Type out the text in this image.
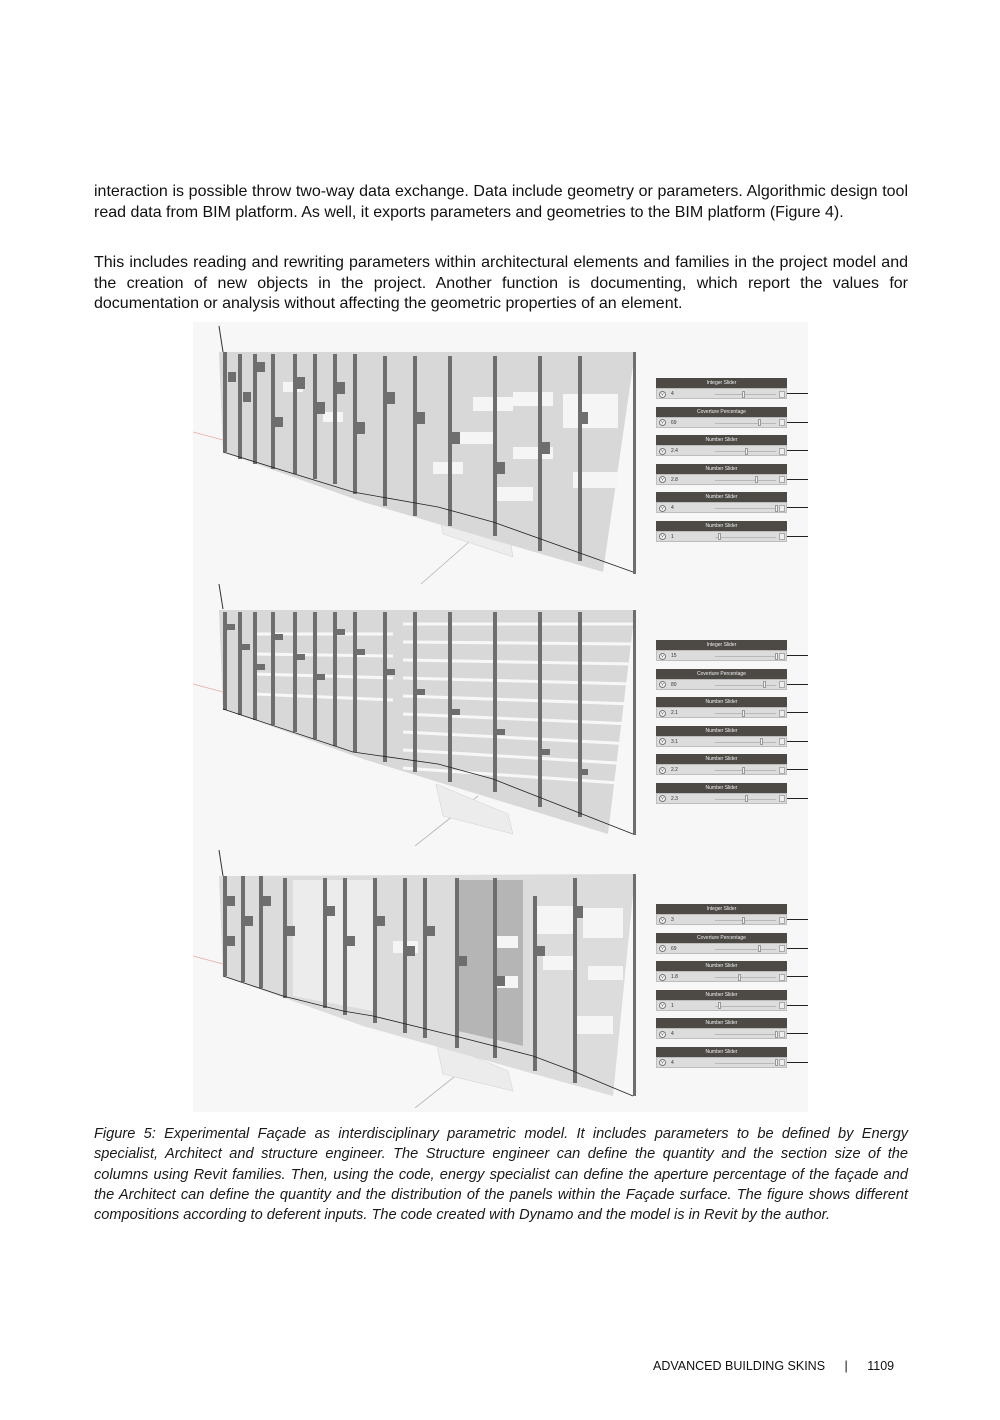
interaction is possible throw two-way data exchange. Data include geometry or parameters. Algorithmic design tool read data from BIM platform. As well, it exports parameters and geometries to the BIM platform (Figure 4).

This includes reading and rewriting parameters within architectural elements and families in the project model and the creation of new objects in the project. Another function is documenting, which report the values for documentation or analysis without affecting the geometric properties of an element.

Integer Slider
˅	4
Coverture Percentage
˅	69
Number Slider
˅	2.4
Number Slider
˅	2.8
Number Slider
˅	4
Number Slider
˅	1
Integer Slider
˅	15
Coverture Percentage
˅	80
Number Slider
˅	2.1
Number Slider
˅	3.1
Number Slider
˅	2.2
Number Slider
˅	2.3
Integer Slider
˅	3
Coverture Percentage
˅	69
Number Slider
˅	1.8
Number Slider
˅	1
Number Slider
˅	4
Number Slider
˅	4

Figure 5: Experimental Façade as interdisciplinary parametric model. It includes parameters to be defined by Energy specialist, Architect and structure engineer. The Structure engineer can define the quantity and the section size of the columns using Revit families. Then, using the code, energy specialist can define the aperture percentage of the façade and the Architect can define the quantity and the distribution of the panels within the Façade surface. The figure shows different compositions according to deferent inputs. The code created with Dynamo and the model is in Revit by the author.

ADVANCED BUILDING SKINS | 1109
